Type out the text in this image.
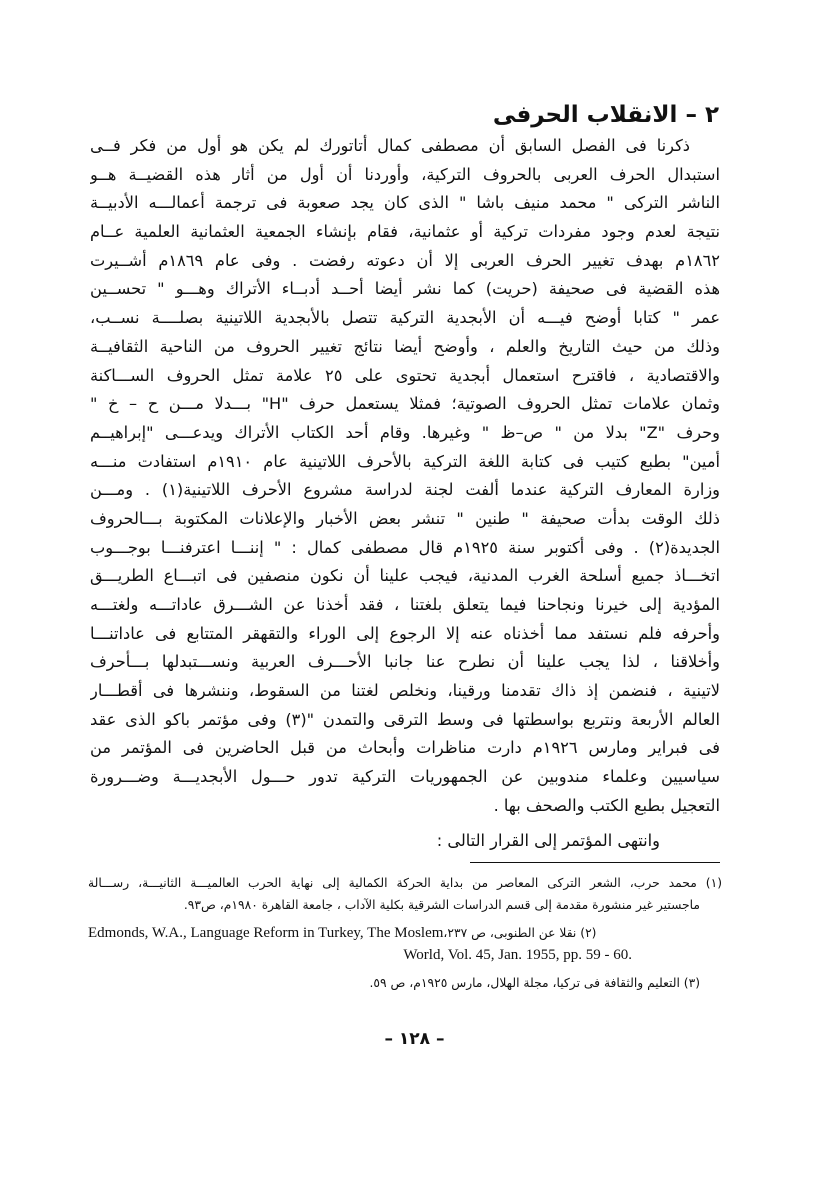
٢ – الانقلاب الحرفى
ذكرنا فى الفصل السابق أن مصطفى كمال أتاتورك لم يكن هو أول من فكر فــى
استبدال الحرف العربى بالحروف التركية، وأوردنا أن أول من أثار هذه القضيــة هــو
الناشر التركى " محمد منيف باشا " الذى كان يجد صعوبة فى ترجمة أعمالـــه الأدبيــة
نتيجة لعدم وجود مفردات تركية أو عثمانية، فقام بإنشاء الجمعية العثمانية العلمية عــام
١٨٦٢م بهدف تغيير الحرف العربى إلا أن دعوته رفضت . وفى عام ١٨٦٩م أشــيرت
هذه القضية فى صحيفة (حريت) كما نشر أيضا أحــد أدبــاء الأتراك وهـــو " تحســين
عمر " كتابا أوضح فيـــه أن الأبجدية التركية تتصل بالأبجدية اللاتينية بصلــــة نســب،
وذلك من حيث التاريخ والعلم ، وأوضح أيضا نتائج تغيير الحروف من الناحية الثقافيــة
والاقتصادية ، فاقترح استعمال أبجدية تحتوى على ٢٥ علامة تمثل الحروف الســـاكنة
وثمان علامات تمثل الحروف الصوتية؛ فمثلا يستعمل حرف "H" بـــدلا مـــن ح – خ "
وحرف "Z" بدلا من " ص–ظ " وغيرها. وقام أحد الكتاب الأتراك ويدعـــى "إبراهيــم
أمين" بطبع كتيب فى كتابة اللغة التركية بالأحرف اللاتينية عام ١٩١٠م استفادت منـــه
وزارة المعارف التركية عندما ألفت لجنة لدراسة مشروع الأحرف اللاتينية(١) . ومـــن
ذلك الوقت بدأت صحيفة " طنين " تنشر بعض الأخبار والإعلانات المكتوبة بـــالحروف
الجديدة(٢) . وفى أكتوبر سنة ١٩٢٥م قال مصطفى كمال : " إننـــا اعترفنـــا بوجـــوب
اتخـــاذ جميع أسلحة الغرب المدنية، فيجب علينا أن نكون منصفين فى اتبـــاع الطريـــق
المؤدية إلى خيرنا ونجاحنا فيما يتعلق بلغتنا ، فقد أخذنا عن الشـــرق عاداتـــه ولغتـــه
وأحرفه فلم نستفد مما أخذناه عنه إلا الرجوع إلى الوراء والتقهقر المتتابع فى عاداتنـــا
وأخلاقنا ، لذا يجب علينا أن نطرح عنا جانبا الأحـــرف العربية ونســـتبدلها بـــأحرف
لاتينية ، فنضمن إذ ذاك تقدمنا ورقينا، ونخلص لغتنا من السقوط، وننشرها فى أقطـــار
العالم الأربعة ونتربع بواسطتها فى وسط الترقى والتمدن "(٣) وفى مؤتمر باكو الذى عقد
فى فبراير ومارس ١٩٢٦م دارت مناظرات وأبحاث من قبل الحاضرين فى المؤتمر من
سياسيين وعلماء مندوبين عن الجمهوريات التركية تدور حـــول الأبجديـــة وضـــرورة
التعجيل بطبع الكتب والصحف بها .
وانتهى المؤتمر إلى القرار التالى :
(١) محمد حرب، الشعر التركى المعاصر من بداية الحركة الكمالية إلى نهاية الحرب العالميـــة الثانيـــة، رســـالة
ماجستير غير منشورة مقدمة إلى قسم الدراسات الشرقية بكلية الآداب ، جامعة القاهرة ١٩٨٠م، ص٩٣.
Edmonds, W.A., Language Reform in Turkey, The Moslem(٢) نقلا عن الطنوبى، ص ٢٣٧،
World, Vol. 45, Jan. 1955, pp. 59 - 60.
(٣) التعليم والثقافة فى تركيا، مجلة الهلال، مارس ١٩٢٥م، ص ٥٩.
– ١٢٨ –
